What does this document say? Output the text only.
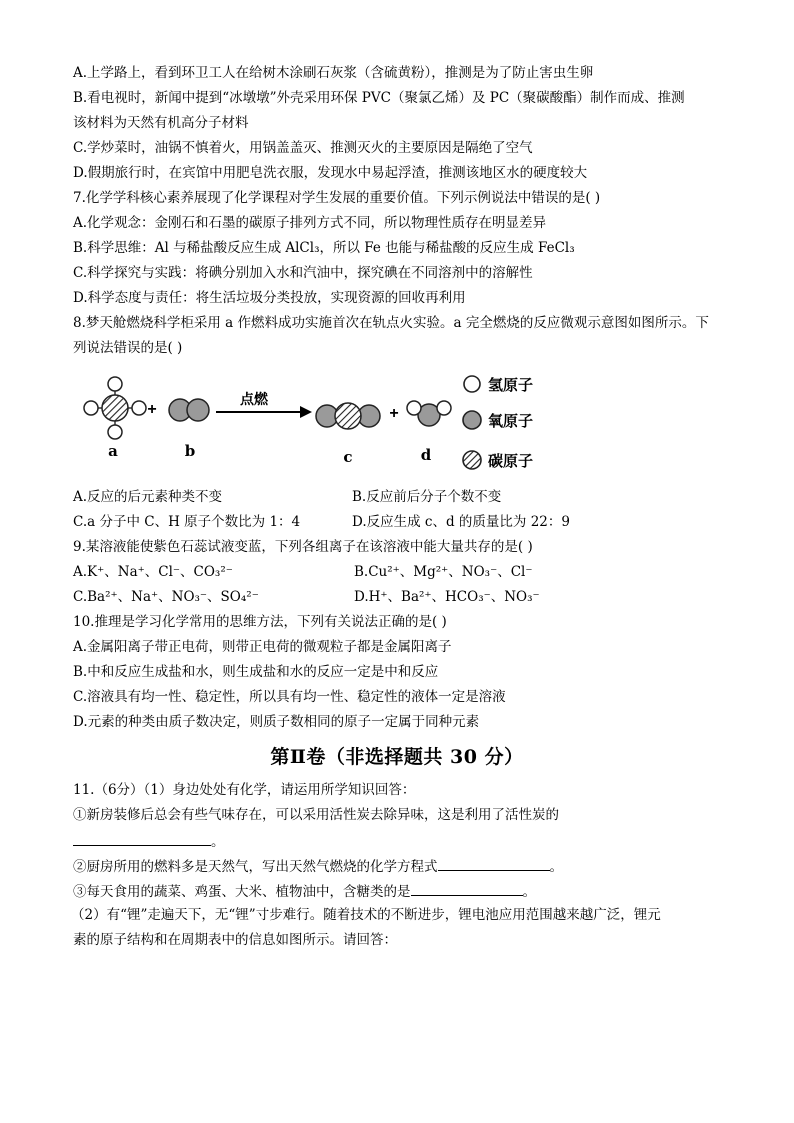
A.上学路上，看到环卫工人在给树木涂刷石灰浆（含硫黄粉），推测是为了防止害虫生卵
B.看电视时，新闻中提到“冰墩墩”外壳采用环保 PVC（聚氯乙烯）及 PC（聚碳酸酯）制作而成、推测
该材料为天然有机高分子材料
C.学炒菜时，油锅不慎着火，用锅盖盖灭、推测灭火的主要原因是隔绝了空气
D.假期旅行时，在宾馆中用肥皂洗衣服，发现水中易起浮渣，推测该地区水的硬度较大
7.化学学科核心素养展现了化学课程对学生发展的重要价值。下列示例说法中错误的是( )
A.化学观念：金刚石和石墨的碳原子排列方式不同，所以物理性质存在明显差异
B.科学思维：Al 与稀盐酸反应生成 AlCl₃，所以 Fe 也能与稀盐酸的反应生成 FeCl₃
C.科学探究与实践：将碘分别加入水和汽油中，探究碘在不同溶剂中的溶解性
D.科学态度与责任：将生活垃圾分类投放，实现资源的回收再利用
8.梦天舱燃烧科学柜采用 a 作燃料成功实施首次在轨点火实验。a 完全燃烧的反应微观示意图如图所示。下
列说法错误的是( )
+
点燃
+
a	b	c	d
氢原子
氧原子
碳原子
A.反应的后元素种类不变	B.反应前后分子个数不变
C.a 分子中 C、H 原子个数比为 1：4	D.反应生成 c、d 的质量比为 22：9
9.某溶液能使紫色石蕊试液变蓝，下列各组离子在该溶液中能大量共存的是( )
A.K⁺、Na⁺、Cl⁻、CO₃²⁻	B.Cu²⁺、Mg²⁺、NO₃⁻、Cl⁻
C.Ba²⁺、Na⁺、NO₃⁻、SO₄²⁻	D.H⁺、Ba²⁺、HCO₃⁻、NO₃⁻
10.推理是学习化学常用的思维方法，下列有关说法正确的是( )
A.金属阳离子带正电荷，则带正电荷的微观粒子都是金属阳离子
B.中和反应生成盐和水，则生成盐和水的反应一定是中和反应
C.溶液具有均一性、稳定性，所以具有均一性、稳定性的液体一定是溶液
D.元素的种类由质子数决定，则质子数相同的原子一定属于同种元素
第Ⅱ卷（非选择题共 30 分）
11.（6分）（1）身边处处有化学，请运用所学知识回答：
①新房装修后总会有些气味存在，可以采用活性炭去除异味，这是利用了活性炭的
。
②厨房所用的燃料多是天然气，写出天然气燃烧的化学方程式	。
③每天食用的蔬菜、鸡蛋、大米、植物油中，含糖类的是	。
（2）有“锂”走遍天下，无“锂”寸步难行。随着技术的不断进步，锂电池应用范围越来越广泛，锂元
素的原子结构和在周期表中的信息如图所示。请回答：
